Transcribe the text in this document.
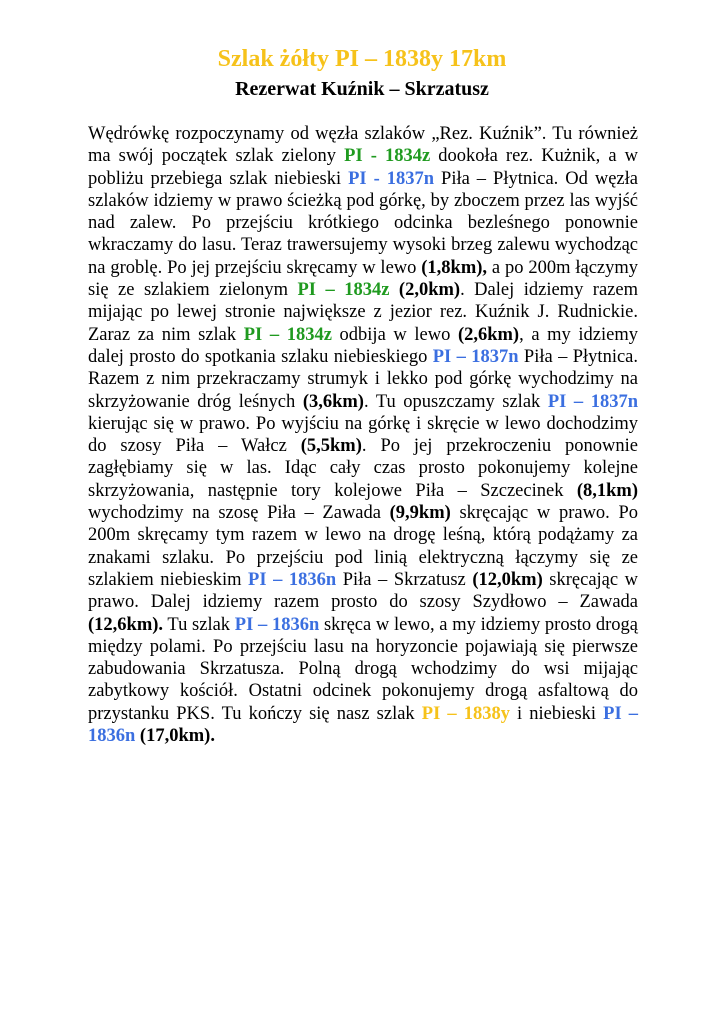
Szlak żółty PI – 1838y 17km
Rezerwat Kuźnik – Skrzatusz

Wędrówkę rozpoczynamy od węzła szlaków „Rez. Kuźnik”. Tu również ma swój początek szlak zielony PI - 1834z dookoła rez. Kużnik, a w pobliżu przebiega szlak niebieski PI - 1837n Piła – Płytnica. Od węzła szlaków idziemy w prawo ścieżką pod górkę, by zboczem przez las wyjść nad zalew. Po przejściu krótkiego odcinka bezleśnego ponownie wkraczamy do lasu. Teraz trawersujemy wysoki brzeg zalewu wychodząc na groblę. Po jej przejściu skręcamy w lewo (1,8km), a po 200m łączymy się ze szlakiem zielonym PI – 1834z (2,0km). Dalej idziemy razem mijając po lewej stronie największe z jezior rez. Kuźnik J. Rudnickie. Zaraz za nim szlak PI – 1834z odbija w lewo (2,6km), a my idziemy dalej prosto do spotkania szlaku niebieskiego PI – 1837n Piła – Płytnica. Razem z nim przekraczamy strumyk i lekko pod górkę wychodzimy na skrzyżowanie dróg leśnych (3,6km). Tu opuszczamy szlak PI – 1837n kierując się w prawo. Po wyjściu na górkę i skręcie w lewo dochodzimy do szosy Piła – Wałcz (5,5km). Po jej przekroczeniu ponownie zagłębiamy się w las. Idąc cały czas prosto pokonujemy kolejne skrzyżowania, następnie tory kolejowe Piła – Szczecinek (8,1km) wychodzimy na szosę Piła – Zawada (9,9km) skręcając w prawo. Po 200m skręcamy tym razem w lewo na drogę leśną, którą podążamy za znakami szlaku. Po przejściu pod linią elektryczną łączymy się ze szlakiem niebieskim PI – 1836n Piła – Skrzatusz (12,0km) skręcając w prawo. Dalej idziemy razem prosto do szosy Szydłowo – Zawada (12,6km). Tu szlak PI – 1836n skręca w lewo, a my idziemy prosto drogą między polami. Po przejściu lasu na horyzoncie pojawiają się pierwsze zabudowania Skrzatusza. Polną drogą wchodzimy do wsi mijając zabytkowy kościół. Ostatni odcinek pokonujemy drogą asfaltową do przystanku PKS. Tu kończy się nasz szlak PI – 1838y i niebieski PI – 1836n (17,0km).
